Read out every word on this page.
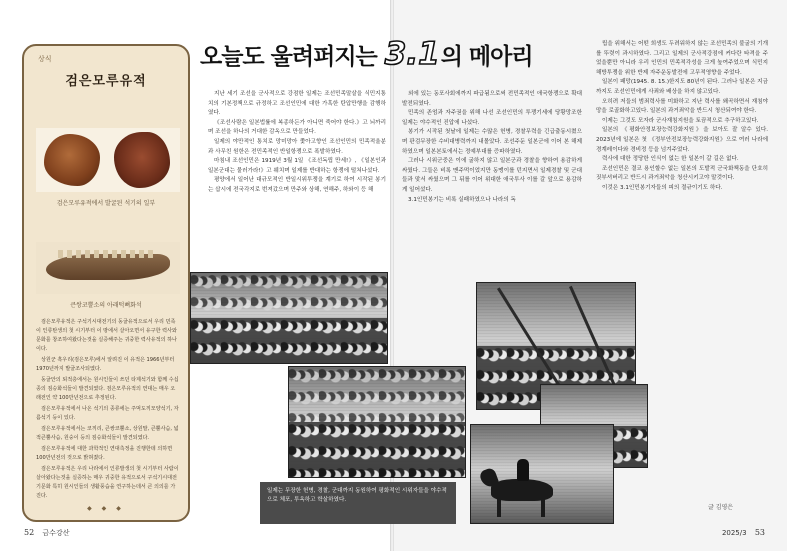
상식
검은모루유적
검은모루유적에서 발굴된 석기의 일부
큰쌍코뿔소의 아래턱뼈화석

검은모루유적은 구석기시대전기의 동굴유적으로서 우리 민족이 인류탄생의 첫 시기부터 이 땅에서 살아오면서 유구한 력사와 문화를 창조하여왔다는것을 실증해주는 귀중한 력사유적의 하나이다.

상원군 흑우리(검은모루)에서 알려진 이 유적은 1966년부터 1970년까지 발굴조사되였다.

동굴안의 퇴적층에서는 원시인들이 쓰던 타제석기와 함께 수십종의 짐승화석들이 발견되였다. 검은모루유적의 연대는 매우 오래전인 약 100만년전으로 추정된다.

검은모루유적에서 나온 석기의 종류에는 주먹도끼모양석기, 자름석기 등이 있다.

검은모루유적에서는 코끼리, 큰쌍코뿔소, 상원말, 큰뿔사슴, 넓적큰뿔사슴, 원숭이 등의 짐승화석들이 발견되였다.

검은모루유적에 대한 과학적인 연대측정을 진행한데 의하면 100만년전의 것으로 밝혀졌다.

검은모루유적은 우리 나라에서 인류발생의 첫 시기부터 사람이 살아왔다는것을 실증하는 매우 귀중한 유적으로서 구석기시대전기문화 특히 원시인들의 생활풍습을 연구하는데서 큰 의의를 가진다.

◆ ◆ ◆
52 금수강산
오늘도 울려퍼지는 3.1의 메아리

지난 세기 조선을 군사적으로 강점한 일제는 조선민족말살을 식민지통치의 기본정책으로 규정하고 조선인민에 대한 가혹한 탄압만행을 감행하였다.

《조선사람은 일본법률에 복종하든가 아니면 죽어야 한다.》고 뇌까리며 조선을 하나의 거대한 감옥으로 만들었다.

일제의 야만적인 통치로 망미망아 쫓아고향인 조선인민의 민족적울분과 사무친 원한은 전민족적인 반일항쟁으로 폭발하였다.

마침내 조선인민은 1919년 3월 1일 《조선독립 만세!》, 《일본인과 일본군대는 물러가라!》고 웨치며 일제를 반대하는 항쟁에 떨쳐나섰다.

평양에서 일어난 대규모적인 반일시위투쟁을 계기로 하여 시작된 봉기는 삽시에 전국각지로 번져갔으며 만주와 상해, 연해주, 하와이 등 해

외에 있는 동포사회에까지 파급됨으로써 전민족적인 애국항쟁으로 확대발전되였다.

민족의 존엄과 자주권을 위해 나선 조선인민의 투쟁기세에 당황망조한 일제는 야수적인 진압에 나섰다.

봉기가 시작된 첫날에 일제는 수많은 헌병, 경찰무력을 긴급출동시켰으며 판검무장한 수비대병력까지 내몰았다. 조선주둔 일본군에 이어 본 해제하였으며 일본본토에서는 정예부대를 증파하였다.

그러나 시위군중은 이에 굴하지 않고 일본군과 경찰을 향하여 용감하게 싸웠다. 그들은 비록 맨주먹이었지만 동맹이를 던지면서 일제경찰 및 군대들과 맞서 싸웠으며 그 뒤를 이어 위대한 애국투사 이를 갈 앞으로 용감하게 일어섰다.

3.1인민봉기는 비록 실패하였으나 나라의 독

립을 위해서는 어떤 희생도 두려워하지 않는 조선민족의 불굴의 기개를 뚜렷이 과시하였다. 그리고 일제의 군사적강점에 커다란 타격을 주었을뿐만 아니라 우리 인민의 민족적각성을 크게 높여주었으며 식민지해방투쟁을 위한 반제 자주운동발전에 고무적영향을 주었다.

일본이 패망(1945. 8. 15.)한지도 80년이 된다. 그러나 일본은 지금까지도 조선인민에게 사죄와 배상을 하지 않고있다.

오히려 저들의 범죄력사를 미화하고 지난 력사를 왜곡하면서 재침야망을 로골화하고있다. 일본의 과거죄악을 반드시 청산되여야 한다.

이제는 그것도 모자라 군사재침지원을 토끔적으로 추구하고있다.

일본의 《평화안정보장능력강화지원》을 보아도 잘 알수 있다. 2023년에 일본은 첫 《정부안전보장능력강화지원》으로 여러 나라에 경계레이다와 경비정 등을 넘겨주었다.

력사에 대한 정당한 인식이 없는 한 일본이 갈 길은 없다.

조선인민은 결코 용인할수 없는 일본의 도발적 군국화책동을 단호히 짓부셔버리고 반드시 과거죄악을 청산시키고야 말것이다.

이것은 3.1인민봉기자들의 피의 절규이기도 하다.

일제는 무장한 헌병, 경찰, 군대까지 동원하여 평화적인 시위자들을 야수적으로 체포, 투옥하고 학살하였다.

글 김영은
2025/3 53
